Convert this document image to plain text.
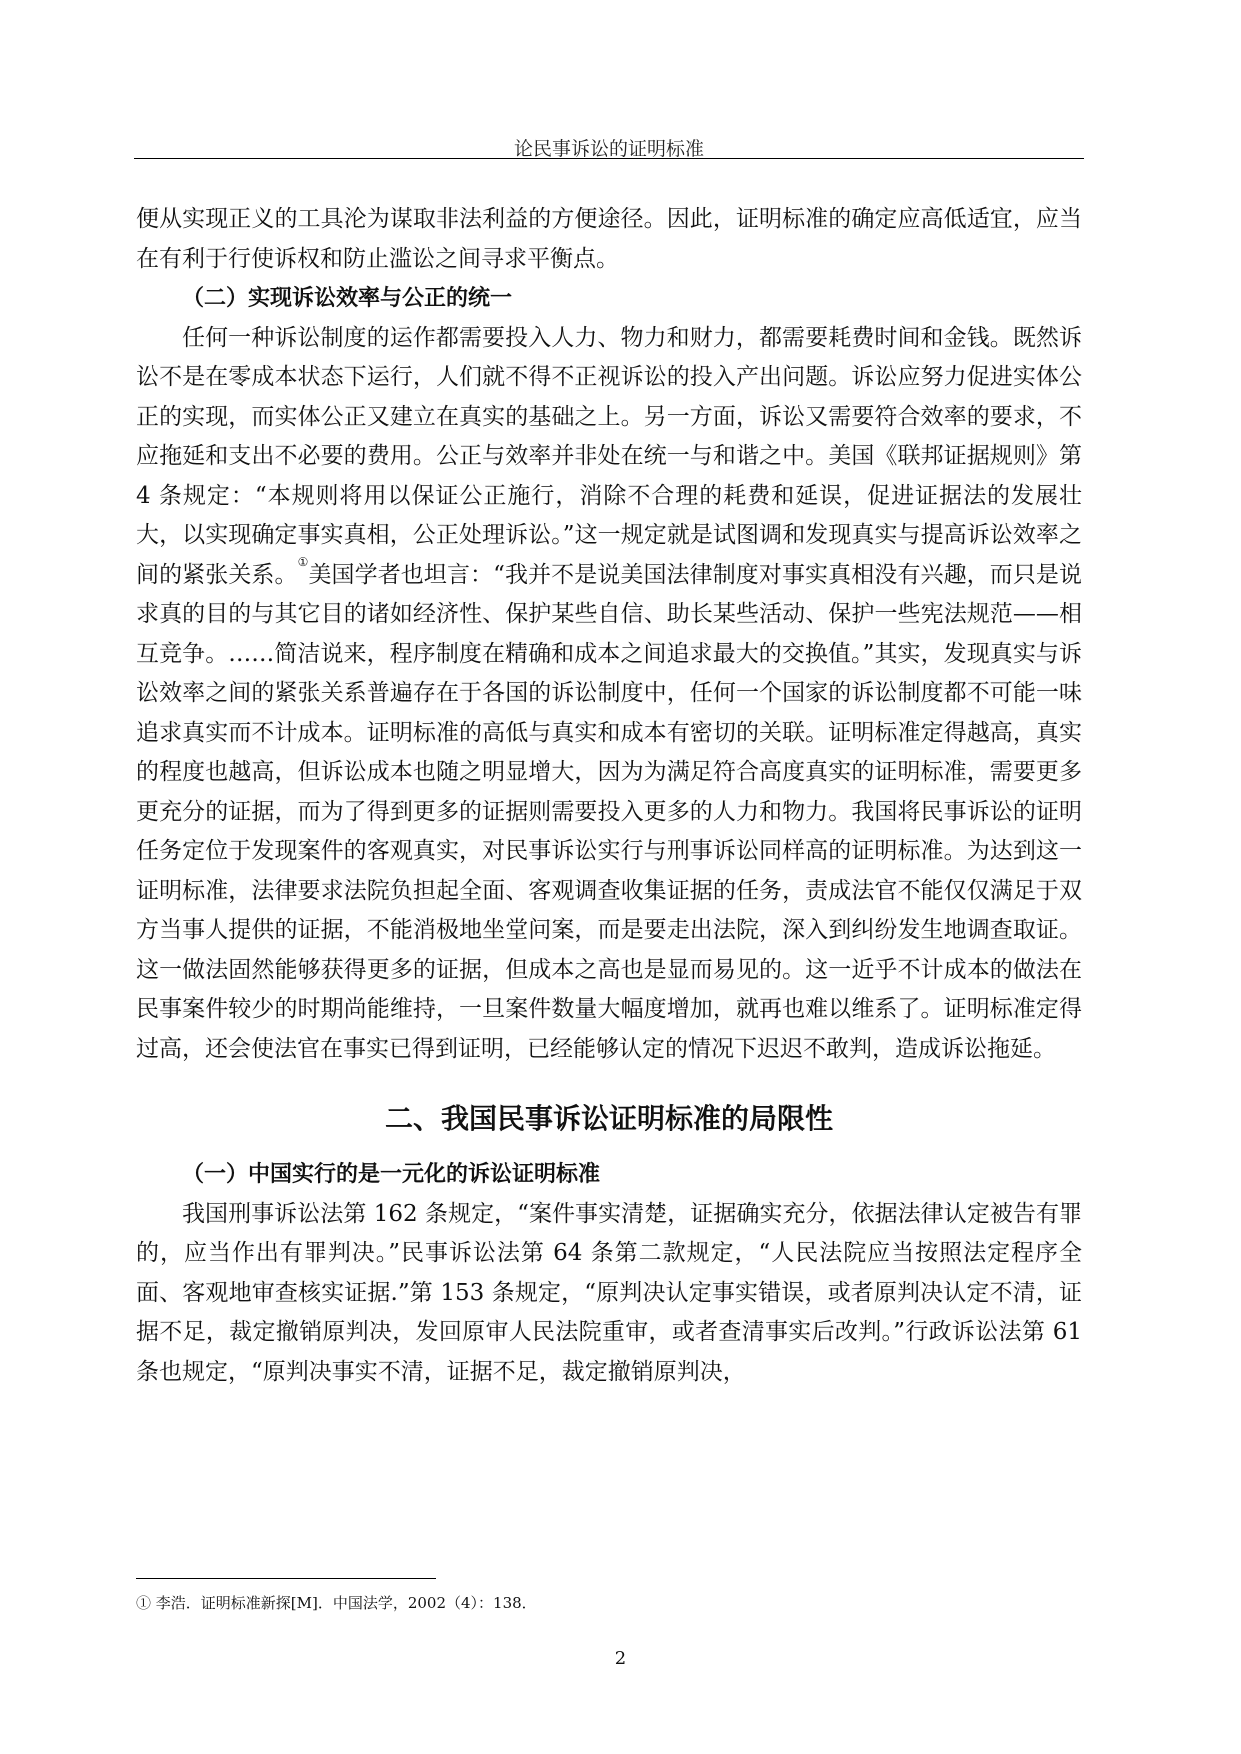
论民事诉讼的证明标准

便从实现正义的工具沦为谋取非法利益的方便途径。因此，证明标准的确定应高低适宜，应当在有利于行使诉权和防止滥讼之间寻求平衡点。

（二）实现诉讼效率与公正的统一

任何一种诉讼制度的运作都需要投入人力、物力和财力，都需要耗费时间和金钱。既然诉讼不是在零成本状态下运行，人们就不得不正视诉讼的投入产出问题。诉讼应努力促进实体公正的实现，而实体公正又建立在真实的基础之上。另一方面，诉讼又需要符合效率的要求，不应拖延和支出不必要的费用。公正与效率并非处在统一与和谐之中。美国《联邦证据规则》第 4 条规定：“本规则将用以保证公正施行，消除不合理的耗费和延误，促进证据法的发展壮大，以实现确定事实真相，公正处理诉讼。”这一规定就是试图调和发现真实与提高诉讼效率之间的紧张关系。①美国学者也坦言：“我并不是说美国法律制度对事实真相没有兴趣，而只是说求真的目的与其它目的诸如经济性、保护某些自信、助长某些活动、保护一些宪法规范——相互竞争。……简洁说来，程序制度在精确和成本之间追求最大的交换值。”其实，发现真实与诉讼效率之间的紧张关系普遍存在于各国的诉讼制度中，任何一个国家的诉讼制度都不可能一味追求真实而不计成本。证明标准的高低与真实和成本有密切的关联。证明标准定得越高，真实的程度也越高，但诉讼成本也随之明显增大，因为为满足符合高度真实的证明标准，需要更多更充分的证据，而为了得到更多的证据则需要投入更多的人力和物力。我国将民事诉讼的证明任务定位于发现案件的客观真实，对民事诉讼实行与刑事诉讼同样高的证明标准。为达到这一证明标准，法律要求法院负担起全面、客观调查收集证据的任务，责成法官不能仅仅满足于双方当事人提供的证据，不能消极地坐堂问案，而是要走出法院，深入到纠纷发生地调查取证。这一做法固然能够获得更多的证据，但成本之高也是显而易见的。这一近乎不计成本的做法在民事案件较少的时期尚能维持，一旦案件数量大幅度增加，就再也难以维系了。证明标准定得过高，还会使法官在事实已得到证明，已经能够认定的情况下迟迟不敢判，造成诉讼拖延。

二、我国民事诉讼证明标准的局限性

（一）中国实行的是一元化的诉讼证明标准

我国刑事诉讼法第 162 条规定，“案件事实清楚，证据确实充分，依据法律认定被告有罪的，应当作出有罪判决。”民事诉讼法第 64 条第二款规定，“人民法院应当按照法定程序全面、客观地审查核实证据.”第 153 条规定，“原判决认定事实错误，或者原判决认定不清，证据不足，裁定撤销原判决，发回原审人民法院重审，或者查清事实后改判。”行政诉讼法第 61 条也规定，“原判决事实不清，证据不足，裁定撤销原判决，

① 李浩．证明标准新探[M]．中国法学，2002（4）：138．
2
